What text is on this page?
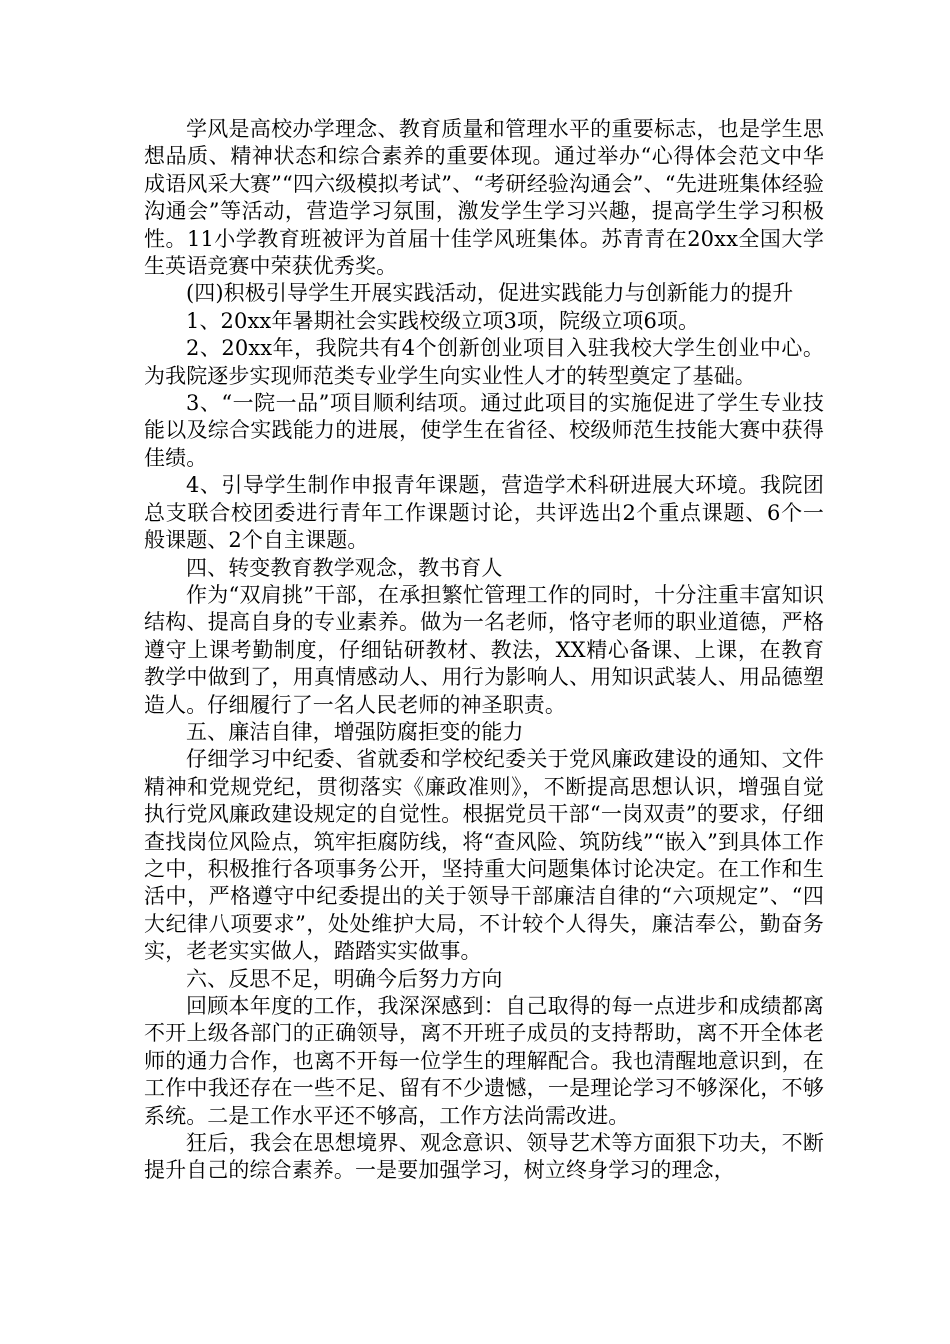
学风是高校办学理念、教育质量和管理水平的重要标志，也是学生思想品质、精神状态和综合素养的重要体现。通过举办“心得体会范文中华成语风采大赛”“四六级模拟考试”、“考研经验沟通会”、“先进班集体经验沟通会”等活动，营造学习氛围，激发学生学习兴趣，提高学生学习积极性。11小学教育班被评为首届十佳学风班集体。苏青青在20xx全国大学生英语竞赛中荣获优秀奖。

(四)积极引导学生开展实践活动，促进实践能力与创新能力的提升

1、20xx年暑期社会实践校级立项3项，院级立项6项。

2、20xx年，我院共有4个创新创业项目入驻我校大学生创业中心。为我院逐步实现师范类专业学生向实业性人才的转型奠定了基础。

3、“一院一品”项目顺利结项。通过此项目的实施促进了学生专业技能以及综合实践能力的进展，使学生在省径、校级师范生技能大赛中获得佳绩。

4、引导学生制作申报青年课题，营造学术科研进展大环境。我院团总支联合校团委进行青年工作课题讨论，共评选出2个重点课题、6个一般课题、2个自主课题。

四、转变教育教学观念，教书育人

作为“双肩挑”干部，在承担繁忙管理工作的同时，十分注重丰富知识结构、提高自身的专业素养。做为一名老师，恪守老师的职业道德，严格遵守上课考勤制度，仔细钻研教材、教法，XX精心备课、上课，在教育教学中做到了，用真情感动人、用行为影响人、用知识武装人、用品德塑造人。仔细履行了一名人民老师的神圣职责。

五、廉洁自律，增强防腐拒变的能力

仔细学习中纪委、省就委和学校纪委关于党风廉政建设的通知、文件精神和党规党纪，贯彻落实《廉政准则》，不断提高思想认识，增强自觉执行党风廉政建设规定的自觉性。根据党员干部“一岗双责”的要求，仔细查找岗位风险点，筑牢拒腐防线，将“查风险、筑防线”“嵌入”到具体工作之中，积极推行各项事务公开，坚持重大问题集体讨论决定。在工作和生活中，严格遵守中纪委提出的关于领导干部廉洁自律的“六项规定”、“四大纪律八项要求”，处处维护大局，不计较个人得失，廉洁奉公，勤奋务实，老老实实做人，踏踏实实做事。

六、反思不足，明确今后努力方向

回顾本年度的工作，我深深感到：自己取得的每一点进步和成绩都离不开上级各部门的正确领导，离不开班子成员的支持帮助，离不开全体老师的通力合作，也离不开每一位学生的理解配合。我也清醒地意识到，在工作中我还存在一些不足、留有不少遗憾，一是理论学习不够深化，不够系统。二是工作水平还不够高，工作方法尚需改进。

狂后，我会在思想境界、观念意识、领导艺术等方面狠下功夫，不断提升自己的综合素养。一是要加强学习，树立终身学习的理念，
